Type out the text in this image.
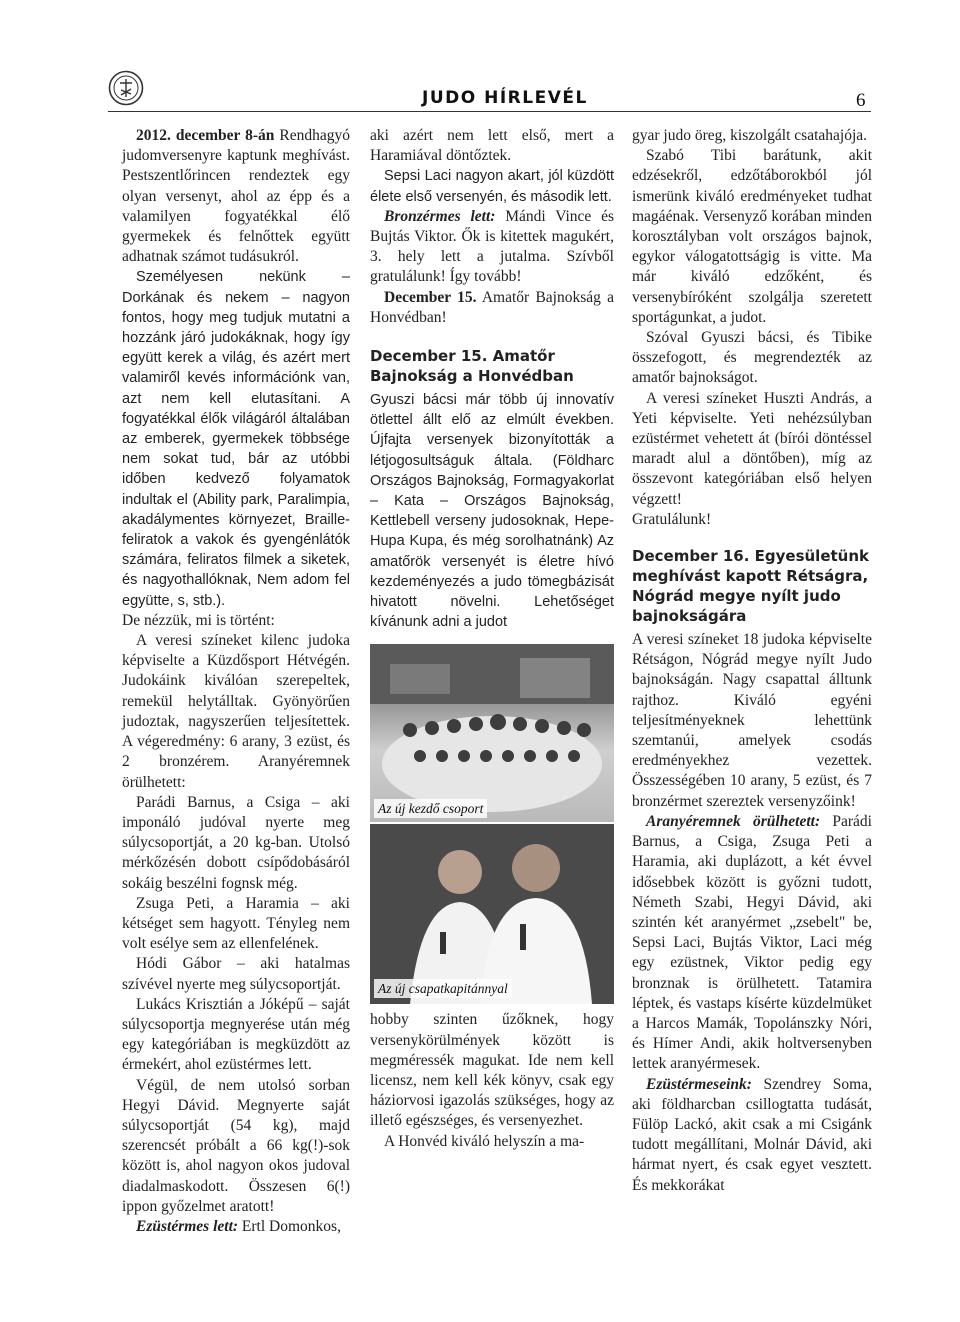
JUDO HÍRLEVÉL	6

2012. december 8-án Rendhagyó judomversenyre kaptunk meghívást. Pestszentlőrincen rendeztek egy olyan versenyt, ahol az épp és a valamilyen fogyatékkal élő gyermekek és felnőttek együtt adhatnak számot tudásukról.

Személyesen nekünk – Dorkának és nekem – nagyon fontos, hogy meg tudjuk mutatni a hozzánk járó judokáknak, hogy így együtt kerek a világ, és azért mert valamiről kevés információnk van, azt nem kell elutasítani. A fogyatékkal élők világáról általában az emberek, gyermekek többsége nem sokat tud, bár az utóbbi időben kedvező folyamatok indultak el (Ability park, Paralimpia, akadálymentes környezet, Braille-feliratok a vakok és gyengénlátók számára, feliratos filmek a siketek, és nagyothallóknak, Nem adom fel együtte, s, stb.).

De nézzük, mi is történt:

A veresi színeket kilenc judoka képviselte a Küzdősport Hétvégén. Judokáink kiválóan szerepeltek, remekül helytálltak. Gyönyörűen judoztak, nagyszerűen teljesítettek. A végeredmény: 6 arany, 3 ezüst, és 2 bronzérem. Aranyéremnek örülhetett:

Parádi Barnus, a Csiga – aki imponáló judóval nyerte meg súlycsoportját, a 20 kg-ban. Utolsó mérkőzésén dobott csípődobásáról sokáig beszélni fognsk még.

Zsuga Peti, a Haramia – aki kétséget sem hagyott. Tényleg nem volt esélye sem az ellenfelének.

Hódi Gábor – aki hatalmas szívével nyerte meg súlycsoportját.

Lukács Krisztián a Jóképű – saját súlycsoportja megnyerése után még egy kategóriában is megküzdött az érmekért, ahol ezüstérmes lett.

Végül, de nem utolsó sorban Hegyi Dávid. Megnyerte saját súlycsoportját (54 kg), majd szerencsét próbált a 66 kg(!)-sok között is, ahol nagyon okos judoval diadalmaskodott. Összesen 6(!) ippon győzelmet aratott!

Ezüstérmes lett: Ertl Domonkos,

aki azért nem lett első, mert a Haramiával döntőztek.

Sepsi Laci nagyon akart, jól küzdött élete első versenyén, és második lett.

Bronzérmes lett: Mándi Vince és Bujtás Viktor. Ők is kitettek magukért, 3. hely lett a jutalma. Szívből gratulálunk! Így tovább!

December 15. Amatőr Bajnokság a Honvédban!

December 15. Amatőr Bajnokság a Honvédban

Gyuszi bácsi már több új innovatív ötlettel állt elő az elmúlt években. Újfajta versenyek bizonyították a létjogosultságuk általa. (Földharc Országos Bajnokság, Formagyakorlat – Kata – Országos Bajnokság, Kettlebell verseny judosoknak, Hepe-Hupa Kupa, és még sorolhatnánk) Az amatőrök versenyét is életre hívó kezdeményezés a judo tömegbázisát hivatott növelni. Lehetőséget kívánunk adni a judot

Az új kezdő csoport
Az új csapatkapitánnyal

hobby szinten űzőknek, hogy versenykörülmények között is megméressék magukat. Ide nem kell licensz, nem kell kék könyv, csak egy háziorvosi igazolás szükséges, hogy az illető egészséges, és versenyezhet.

A Honvéd kiváló helyszín a ma-

gyar judo öreg, kiszolgált csatahajója.

Szabó Tibi barátunk, akit edzésekről, edzőtáborokból jól ismerünk kiváló eredményeket tudhat magáénak. Versenyző korában minden korosztályban volt országos bajnok, egykor válogatottságig is vitte. Ma már kiváló edzőként, és versenybíróként szolgálja szeretett sportágunkat, a judot.

Szóval Gyuszi bácsi, és Tibike összefogott, és megrendezték az amatőr bajnokságot.

A veresi színeket Huszti András, a Yeti képviselte. Yeti nehézsúlyban ezüstérmet vehetett át (bírói döntéssel maradt alul a döntőben), míg az összevont kategóriában első helyen végzett!

Gratulálunk!

December 16. Egyesületünk meghívást kapott Rétságra, Nógrád megye nyílt judo bajnokságára

A veresi színeket 18 judoka képviselte Rétságon, Nógrád megye nyílt Judo bajnokságán. Nagy csapattal álltunk rajthoz. Kiváló egyéni teljesítményeknek lehettünk szemtanúi, amelyek csodás eredményekhez vezettek. Összességében 10 arany, 5 ezüst, és 7 bronzérmet szereztek versenyzőink!

Aranyéremnek örülhetett: Parádi Barnus, a Csiga, Zsuga Peti a Haramia, aki duplázott, a két évvel idősebbek között is győzni tudott, Németh Szabi, Hegyi Dávid, aki szintén két aranyérmet „zsebelt" be, Sepsi Laci, Bujtás Viktor, Laci még egy ezüstnek, Viktor pedig egy bronznak is örülhetett. Tatamira léptek, és vastaps kísérte küzdelmüket a Harcos Mamák, Topolánszky Nóri, és Hímer Andi, akik holtversenyben lettek aranyérmesek.

Ezüstérmeseink: Szendrey Soma, aki földharcban csillogtatta tudását, Fülöp Lackó, akit csak a mi Csigánk tudott megállítani, Molnár Dávid, aki hármat nyert, és csak egyet vesztett. És mekkorákat
